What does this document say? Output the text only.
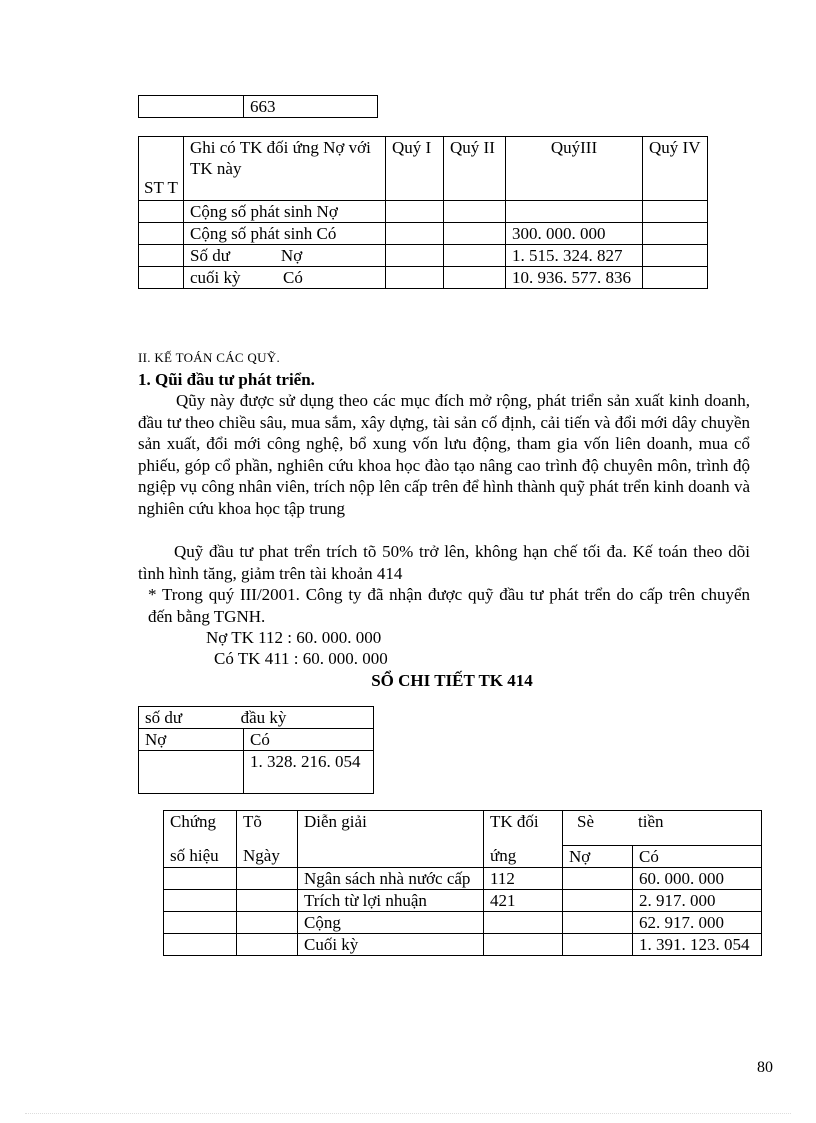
	663
ST T	Ghi có TK đối ứng Nợ với TK này	Quý I	Quý II	QuýIII	Quý IV
	Cộng số phát sinh Nợ				
	Cộng số phát sinh Có			300. 000. 000	
	Số dư            Nợ			1. 515. 324. 827	
	cuối kỳ          Có			10. 936. 577. 836	
II. KẾ TOÁN CÁC QUỸ.
1. Qũi đầu tư phát triển.
Qũy này được sử dụng theo các mục đích mở rộng, phát triển sản xuất kinh doanh, đầu tư theo chiều sâu, mua sắm, xây dựng, tài sản cố định, cải tiến và đổi mới dây chuyền sản xuất, đổi mới công nghệ, bổ xung vốn lưu động, tham gia vốn liên doanh, mua cổ phiếu, góp cổ phần, nghiên cứu khoa học đào tạo nâng cao trình độ chuyên môn, trình độ ngiệp vụ công nhân viên, trích nộp lên cấp trên để hình thành quỹ phát trển kinh doanh và nghiên cứu khoa học tập trung
Quỹ đầu tư phat trển trích tõ 50% trở lên, không hạn chế tối đa. Kế toán theo dõi tình hình tăng, giảm trên tài khoản 414
* Trong quý III/2001. Công ty đã nhận được quỹ đầu tư phát trển do cấp trên chuyển đến bằng TGNH.
Nợ TK 112 : 60. 000. 000
Có TK 411 : 60. 000. 000
SỔ CHI TIẾT TK 414
số dư đầu kỳ	
Nợ	Có
	1. 328. 216. 054
Chứng	Tõ	Diễn giải	TK đối	Sè tiền	
số hiệu	Ngày		ứng	Nợ	Có
		Ngân sách nhà nước cấp	112		60. 000. 000
		Trích từ lợi nhuận	421		2. 917. 000
		Cộng			62. 917. 000
		Cuối kỳ			1. 391. 123. 054
80
